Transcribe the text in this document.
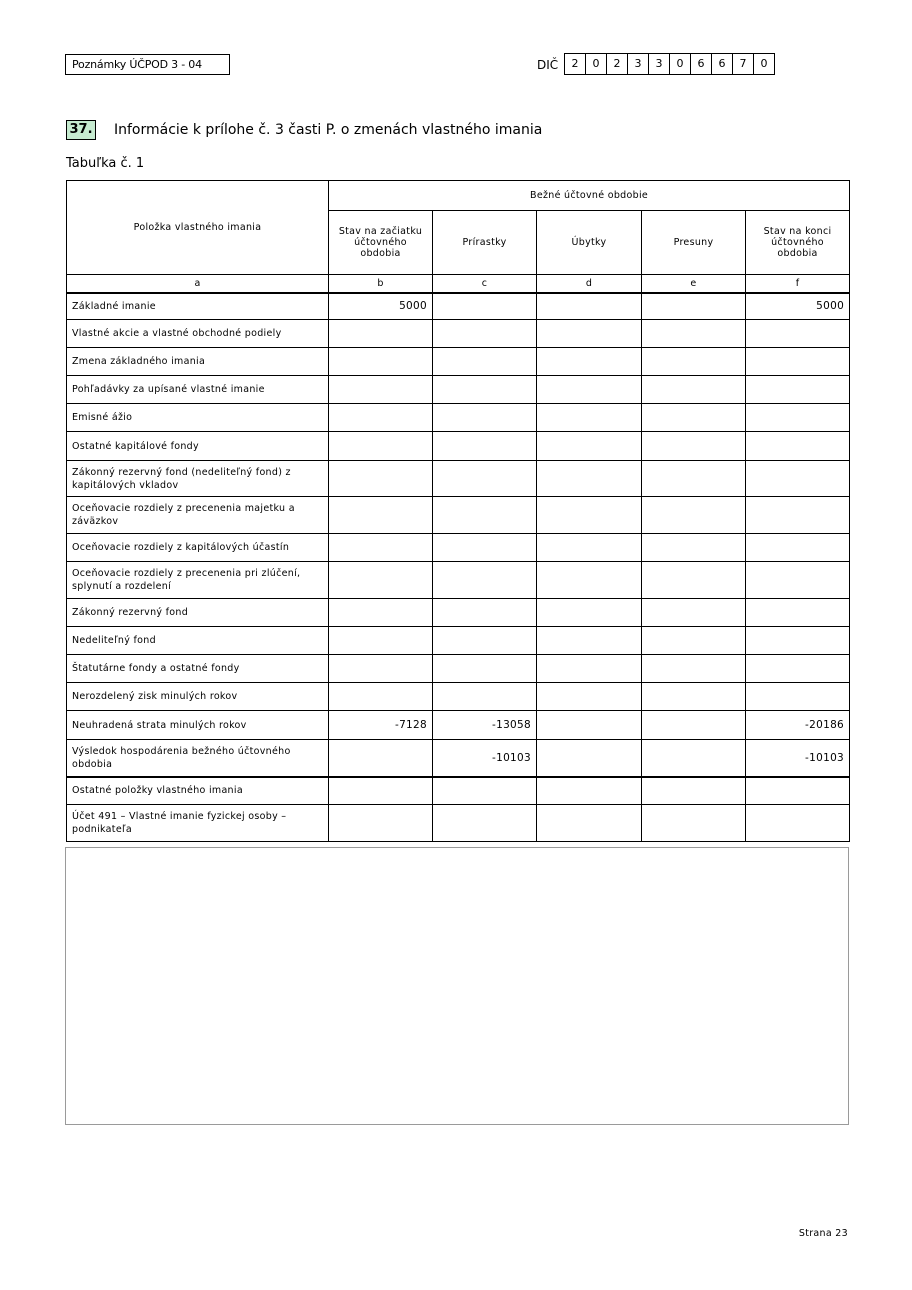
Poznámky ÚČPOD 3 - 04	DIČ	2	0	2	3	3	0	6	6	7	0
37. Informácie k prílohe č. 3 časti P. o zmenách vlastného imania
Tabuľka č. 1
Položka vlastného imania	Bežné účtovné obdobie				
	Stav na začiatku účtovného obdobia	Prírastky	Úbytky	Presuny	Stav na konci účtovného obdobia
a	b	c	d	e	f
Základné imanie	5000				5000
Vlastné akcie a vlastné obchodné podiely					
Zmena základného imania					
Pohľadávky za upísané vlastné imanie					
Emisné ážio					
Ostatné kapitálové fondy					
Zákonný rezervný fond (nedeliteľný fond) z kapitálových vkladov					
Oceňovacie rozdiely z precenenia majetku a záväzkov					
Oceňovacie rozdiely z kapitálových účastín					
Oceňovacie rozdiely z precenenia pri zlúčení, splynutí a rozdelení					
Zákonný rezervný fond					
Nedeliteľný fond					
Štatutárne fondy a ostatné fondy					
Nerozdelený zisk minulých rokov					
Neuhradená strata minulých rokov	-7128	-13058			-20186
Výsledok hospodárenia bežného účtovného obdobia		-10103			-10103
Ostatné položky vlastného imania					
Účet 491 – Vlastné imanie fyzickej osoby – podnikateľa					
Strana 23
